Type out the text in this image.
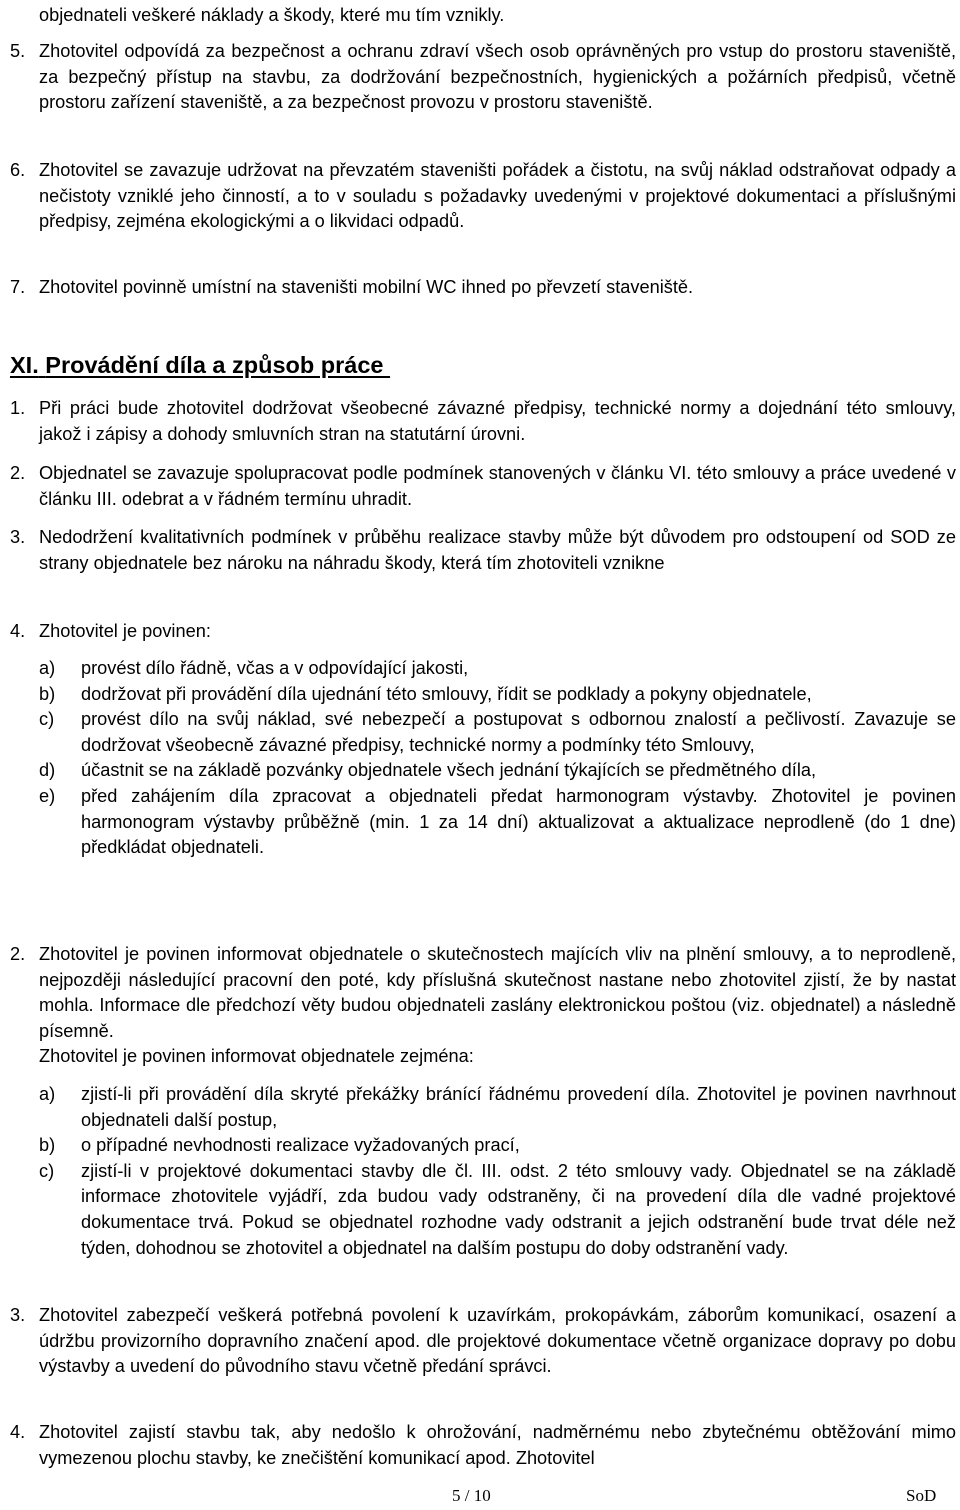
objednateli veškeré náklady a škody, které mu tím vznikly.
5. Zhotovitel odpovídá za bezpečnost a ochranu zdraví všech osob oprávněných pro vstup do prostoru staveniště, za bezpečný přístup na stavbu, za dodržování bezpečnostních, hygienických a požárních předpisů, včetně prostoru zařízení staveniště, a za bezpečnost provozu v prostoru staveniště.
6. Zhotovitel se zavazuje udržovat na převzatém staveništi pořádek a čistotu, na svůj náklad odstraňovat odpady a nečistoty vzniklé jeho činností, a to v souladu s požadavky uvedenými v projektové dokumentaci a příslušnými předpisy, zejména ekologickými a o likvidaci odpadů.
7. Zhotovitel povinně umístní na staveništi mobilní WC ihned po převzetí staveniště.
XI. Provádění díla a způsob práce
1. Při práci bude zhotovitel dodržovat všeobecné závazné předpisy, technické normy a dojednání této smlouvy, jakož i zápisy a dohody smluvních stran na statutární úrovni.
2. Objednatel se zavazuje spolupracovat podle podmínek stanovených v článku VI. této smlouvy a práce uvedené v článku III. odebrat a v řádném termínu uhradit.
3. Nedodržení kvalitativních podmínek v průběhu realizace stavby může být důvodem pro odstoupení od SOD ze strany objednatele bez nároku na náhradu škody, která tím zhotoviteli vznikne
4. Zhotovitel je povinen:
a) provést dílo řádně, včas a v odpovídající jakosti,
b) dodržovat při provádění díla ujednání této smlouvy, řídit se podklady a pokyny objednatele,
c) provést dílo na svůj náklad, své nebezpečí a postupovat s odbornou znalostí a pečlivostí. Zavazuje se dodržovat všeobecně závazné předpisy, technické normy a podmínky této Smlouvy,
d) účastnit se na základě pozvánky objednatele všech jednání týkajících se předmětného díla,
e) před zahájením díla zpracovat a objednateli předat harmonogram výstavby. Zhotovitel je povinen harmonogram výstavby průběžně (min. 1 za 14 dní) aktualizovat a aktualizace neprodleně (do 1 dne) předkládat objednateli.
2. Zhotovitel je povinen informovat objednatele o skutečnostech majících vliv na plnění smlouvy, a to neprodleně, nejpozději následující pracovní den poté, kdy příslušná skutečnost nastane nebo zhotovitel zjistí, že by nastat mohla. Informace dle předchozí věty budou objednateli zaslány elektronickou poštou (viz. objednatel) a následně písemně.
Zhotovitel je povinen informovat objednatele zejména:
a) zjistí-li při provádění díla skryté překážky bránící řádnému provedení díla. Zhotovitel je povinen navrhnout objednateli další postup,
b) o případné nevhodnosti realizace vyžadovaných prací,
c) zjistí-li v projektové dokumentaci stavby dle čl. III. odst. 2 této smlouvy vady. Objednatel se na základě informace zhotovitele vyjádří, zda budou vady odstraněny, či na provedení díla dle vadné projektové dokumentace trvá. Pokud se objednatel rozhodne vady odstranit a jejich odstranění bude trvat déle než týden, dohodnou se zhotovitel a objednatel na dalším postupu do doby odstranění vady.
3. Zhotovitel zabezpečí veškerá potřebná povolení k uzavírkám, prokopávkám, záborům komunikací, osazení a údržbu provizorního dopravního značení apod. dle projektové dokumentace včetně organizace dopravy po dobu výstavby a uvedení do původního stavu včetně předání správci.
4. Zhotovitel zajistí stavbu tak, aby nedošlo k ohrožování, nadměrnému nebo zbytečnému obtěžování mimo vymezenou plochu stavby, ke znečištění komunikací apod. Zhotovitel
5 / 10	SoD
